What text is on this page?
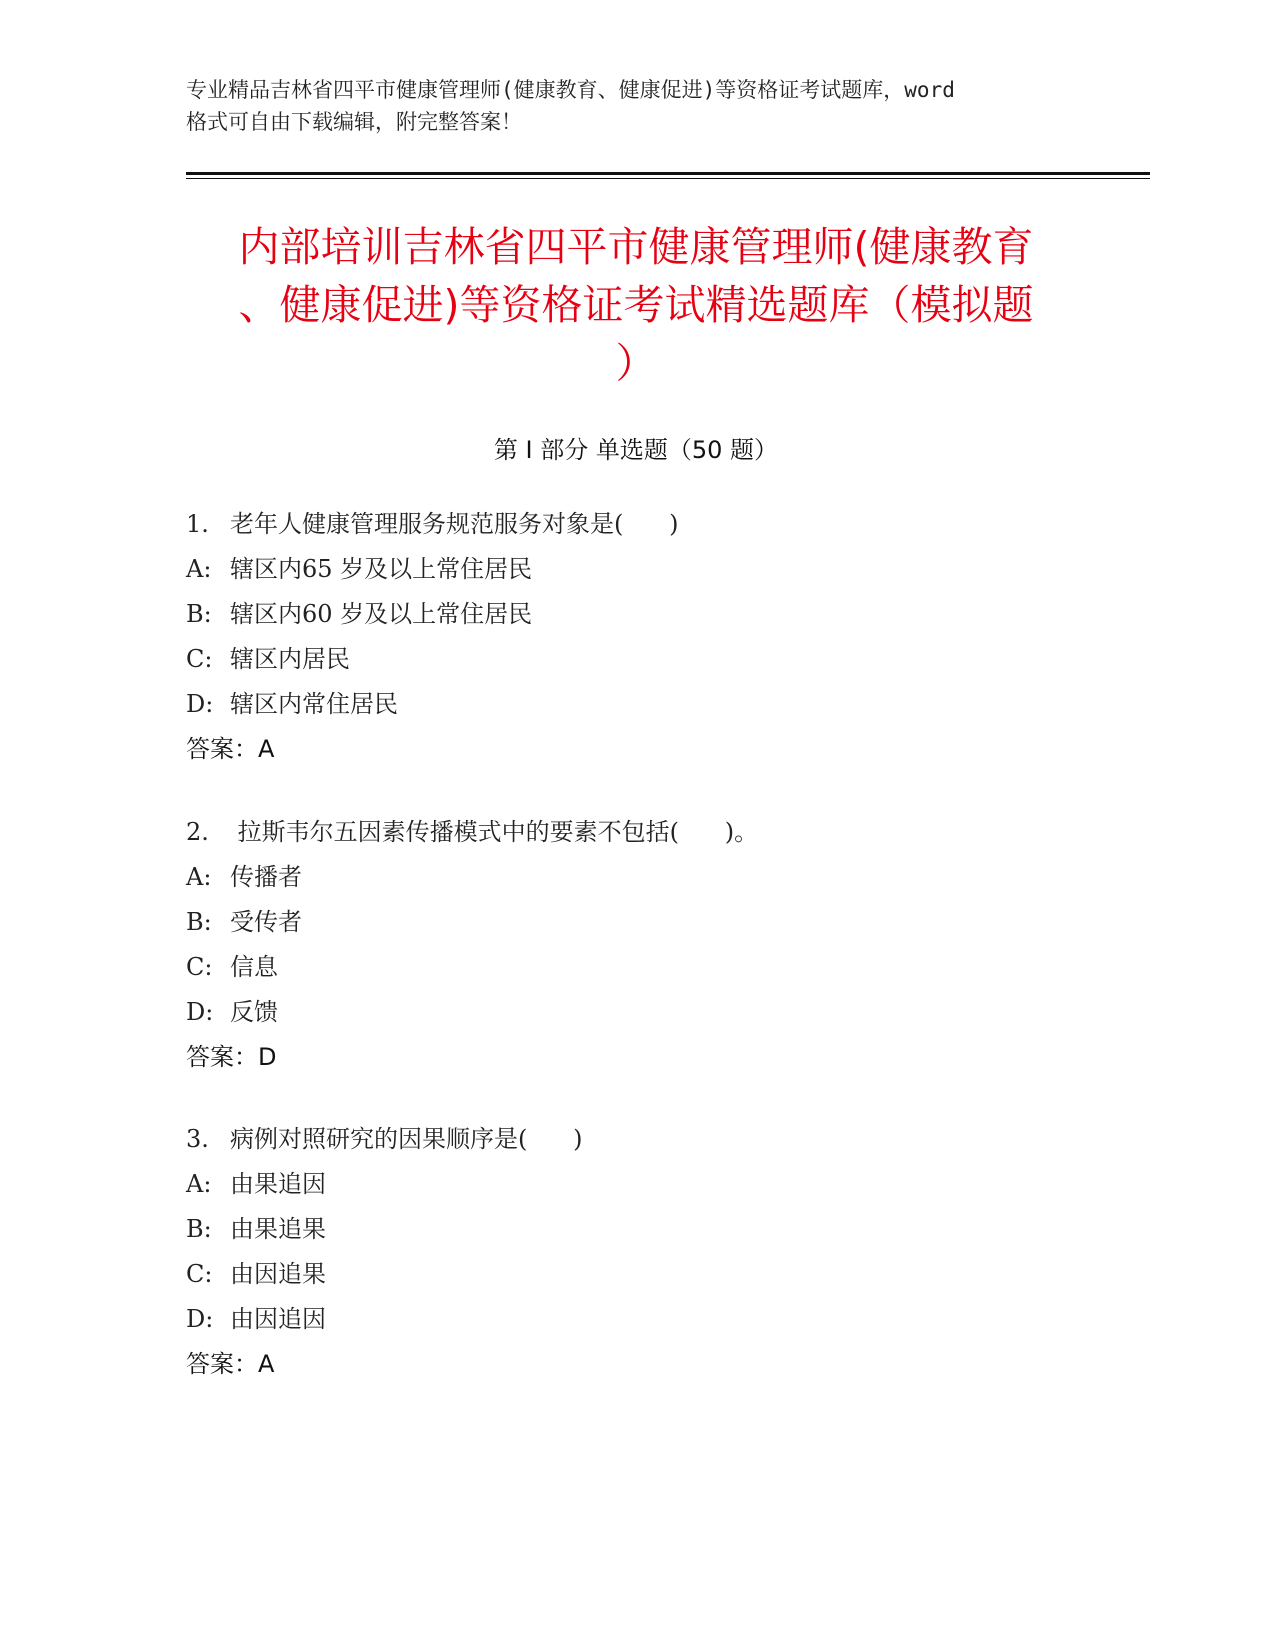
专业精品吉林省四平市健康管理师(健康教育、健康促进)等资格证考试题库，word
格式可自由下载编辑，附完整答案！
内部培训吉林省四平市健康管理师(健康教育
、健康促进)等资格证考试精选题库（模拟题
）
第 I 部分 单选题（50 题）
1. 老年人健康管理服务规范服务对象是(      )
A: 辖区内65 岁及以上常住居民
B: 辖区内60 岁及以上常住居民
C: 辖区内居民
D: 辖区内常住居民
答案：A
2. 拉斯韦尔五因素传播模式中的要素不包括(      )。
A: 传播者
B: 受传者
C: 信息
D: 反馈
答案：D
3. 病例对照研究的因果顺序是(      )
A: 由果追因
B: 由果追果
C: 由因追果
D: 由因追因
答案：A
